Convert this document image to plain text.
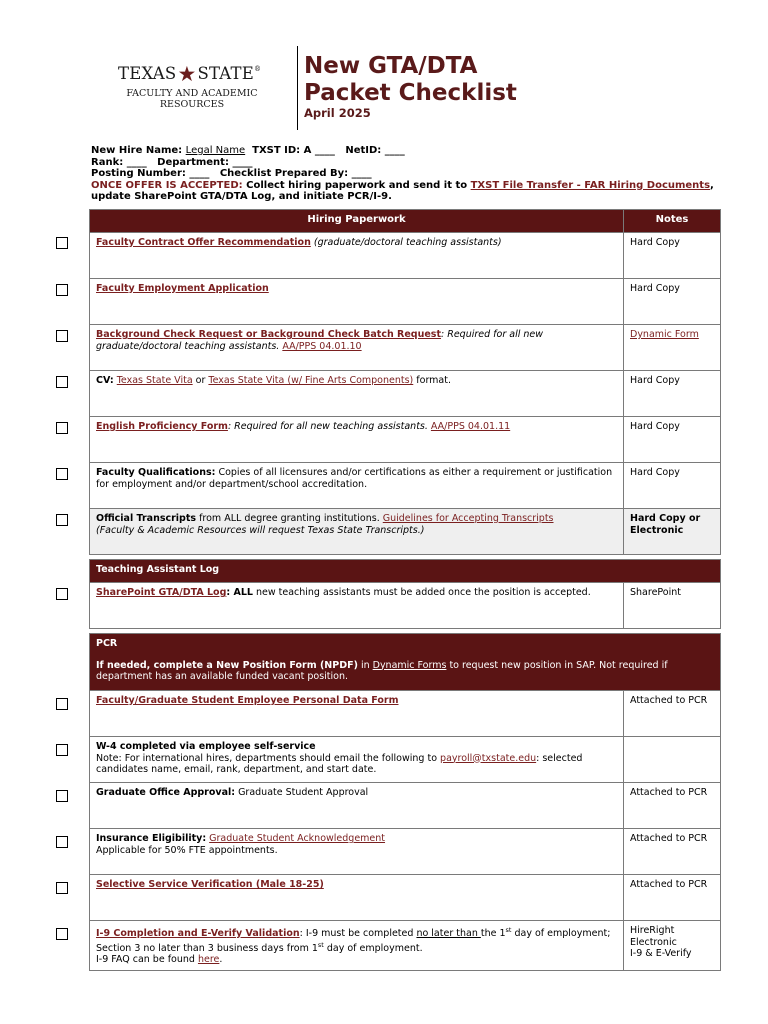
TEXAS★STATE®
FACULTY AND ACADEMIC
RESOURCES
New GTA/DTA
Packet Checklist
April 2025
New Hire Name: Legal Name TXST ID: A ____ NetID: ____
Rank: ____ Department: ____
Posting Number: ____ Checklist Prepared By: ____
ONCE OFFER IS ACCEPTED: Collect hiring paperwork and send it to TXST File Transfer - FAR Hiring Documents, update SharePoint GTA/DTA Log, and initiate PCR/I-9.
Hiring Paperwork	Notes
Faculty Contract Offer Recommendation (graduate/doctoral teaching assistants)	Hard Copy
Faculty Employment Application	Hard Copy
Background Check Request or Background Check Batch Request: Required for all new graduate/doctoral teaching assistants. AA/PPS 04.01.10	Dynamic Form
CV: Texas State Vita or Texas State Vita (w/ Fine Arts Components) format.	Hard Copy
English Proficiency Form: Required for all new teaching assistants. AA/PPS 04.01.11	Hard Copy
Faculty Qualifications: Copies of all licensures and/or certifications as either a requirement or justification for employment and/or department/school accreditation.	Hard Copy
Official Transcripts from ALL degree granting institutions. Guidelines for Accepting Transcripts
(Faculty & Academic Resources will request Texas State Transcripts.)	Hard Copy or Electronic
Teaching Assistant Log
SharePoint GTA/DTA Log: ALL new teaching assistants must be added once the position is accepted.	SharePoint
PCR
If needed, complete a New Position Form (NPDF) in Dynamic Forms to request new position in SAP. Not required if department has an available funded vacant position.	

Faculty/Graduate Student Employee Personal Data Form	Attached to PCR
W-4 completed via employee self-service
Note: For international hires, departments should email the following to payroll@txstate.edu: selected candidates name, email, rank, department, and start date.	
Graduate Office Approval: Graduate Student Approval	Attached to PCR
Insurance Eligibility: Graduate Student Acknowledgement
Applicable for 50% FTE appointments.	Attached to PCR
Selective Service Verification (Male 18-25)	Attached to PCR
I-9 Completion and E-Verify Validation: I-9 must be completed no later than the 1st day of employment; Section 3 no later than 3 business days from 1st day of employment.
I-9 FAQ can be found here.	HireRight
Electronic
I-9 & E-Verify
